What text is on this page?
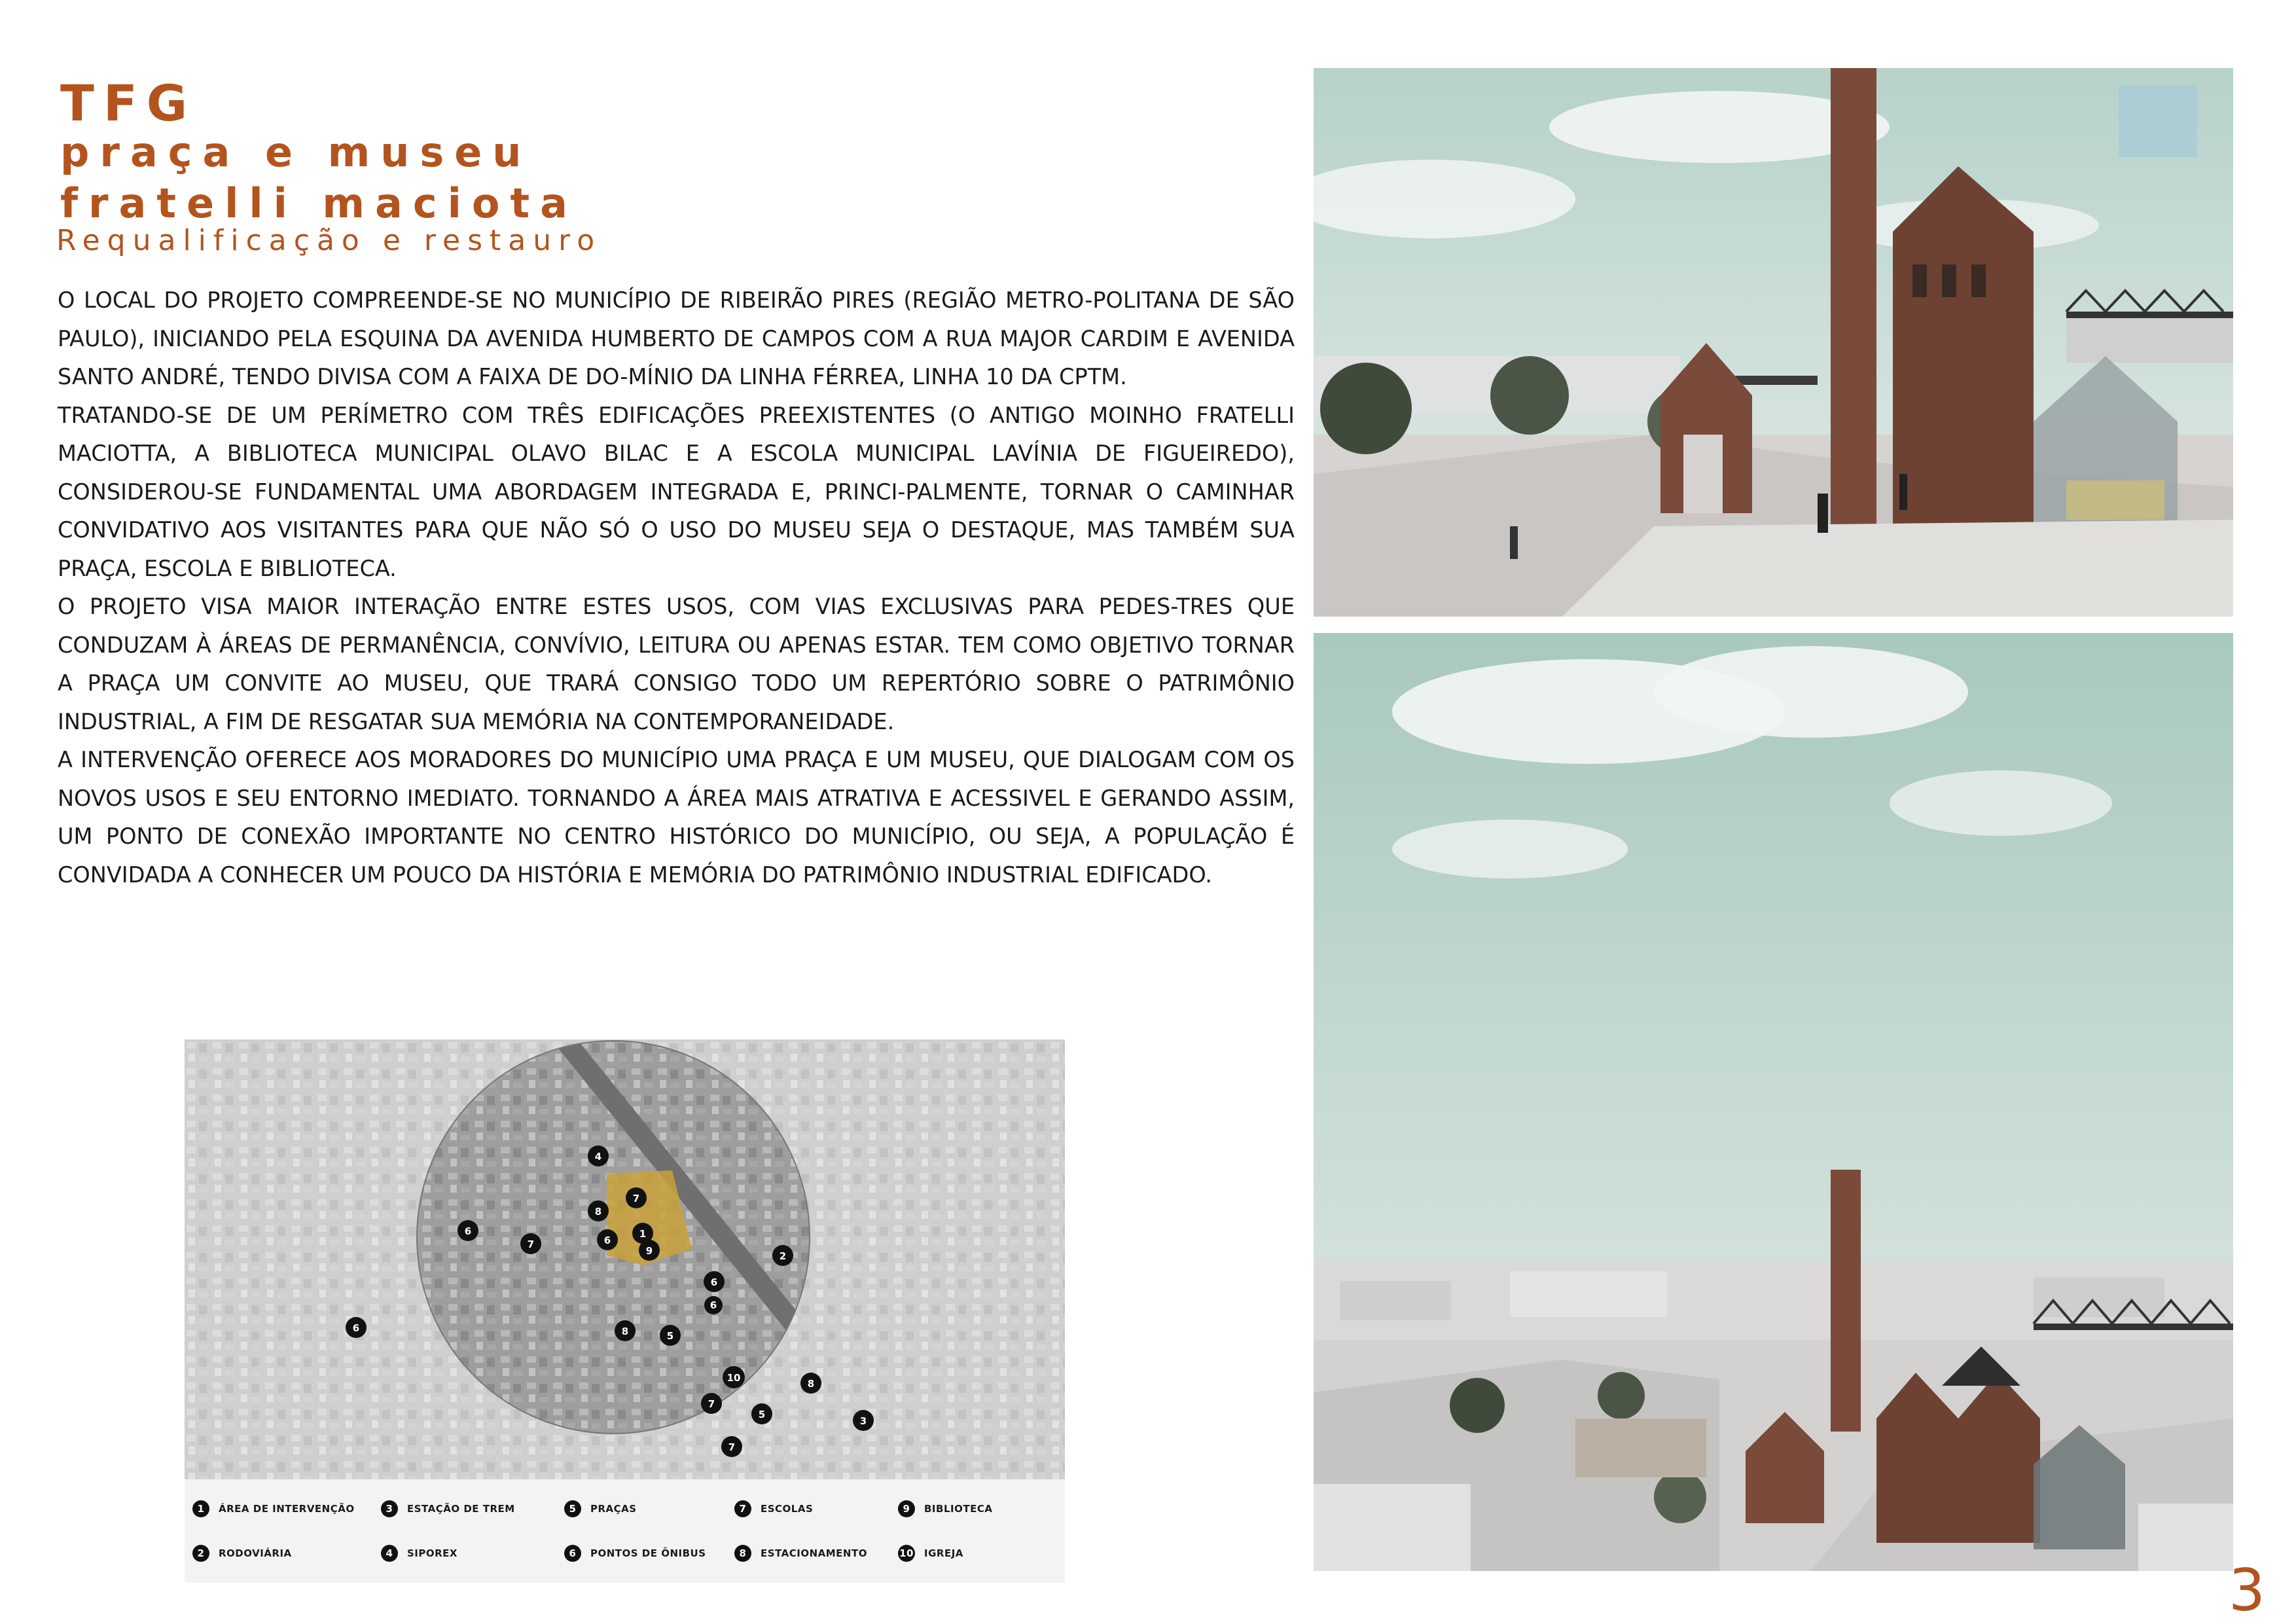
TFG
praça e museu
fratelli maciota
Requalificação e restauro

O LOCAL DO PROJETO COMPREENDE-SE NO MUNICÍPIO DE RIBEIRÃO PIRES (REGIÃO METRO-POLITANA DE SÃO PAULO), INICIANDO PELA ESQUINA DA AVENIDA HUMBERTO DE CAMPOS COM A RUA MAJOR CARDIM E AVENIDA SANTO ANDRÉ, TENDO DIVISA COM A FAIXA DE DO-MÍNIO DA LINHA FÉRREA, LINHA 10 DA CPTM.

TRATANDO-SE DE UM PERÍMETRO COM TRÊS EDIFICAÇÕES PREEXISTENTES (O ANTIGO MOINHO FRATELLI MACIOTTA, A BIBLIOTECA MUNICIPAL OLAVO BILAC E A ESCOLA MUNICIPAL LAVÍNIA DE FIGUEIREDO), CONSIDEROU-SE FUNDAMENTAL UMA ABORDAGEM INTEGRADA E, PRINCI-PALMENTE, TORNAR O CAMINHAR CONVIDATIVO AOS VISITANTES PARA QUE NÃO SÓ O USO DO MUSEU SEJA O DESTAQUE, MAS TAMBÉM SUA PRAÇA, ESCOLA E BIBLIOTECA.

O PROJETO VISA MAIOR INTERAÇÃO ENTRE ESTES USOS, COM VIAS EXCLUSIVAS PARA PEDES-TRES QUE CONDUZAM À ÁREAS DE PERMANÊNCIA, CONVÍVIO, LEITURA OU APENAS ESTAR. TEM COMO OBJETIVO TORNAR A PRAÇA UM CONVITE AO MUSEU, QUE TRARÁ CONSIGO TODO UM REPERTÓRIO SOBRE O PATRIMÔNIO INDUSTRIAL, A FIM DE RESGATAR SUA MEMÓRIA NA CONTEMPORANEIDADE.

A INTERVENÇÃO OFERECE AOS MORADORES DO MUNICÍPIO UMA PRAÇA E UM MUSEU, QUE DIALOGAM COM OS NOVOS USOS E SEU ENTORNO IMEDIATO. TORNANDO A ÁREA MAIS ATRATIVA E ACESSIVEL E GERANDO ASSIM, UM PONTO DE CONEXÃO IMPORTANTE NO CENTRO HISTÓRICO DO MUNICÍPIO, OU SEJA, A POPULAÇÃO É CONVIDADA A CONHECER UM POUCO DA HISTÓRIA E MEMÓRIA DO PATRIMÔNIO INDUSTRIAL EDIFICADO.

4
7
8
6
1
9
6
7
6
2
6	8	5
10	8
7
5
3
7
6
1	ÁREA DE INTERVENÇÃO	3	ESTAÇÃO DE TREM	5	PRAÇAS	7	ESCOLAS	9	BIBLIOTECA
2	RODOVIÁRIA	4	SIPOREX	6	PONTOS DE ÔNIBUS	8	ESTACIONAMENTO	10 IGREJA
3
